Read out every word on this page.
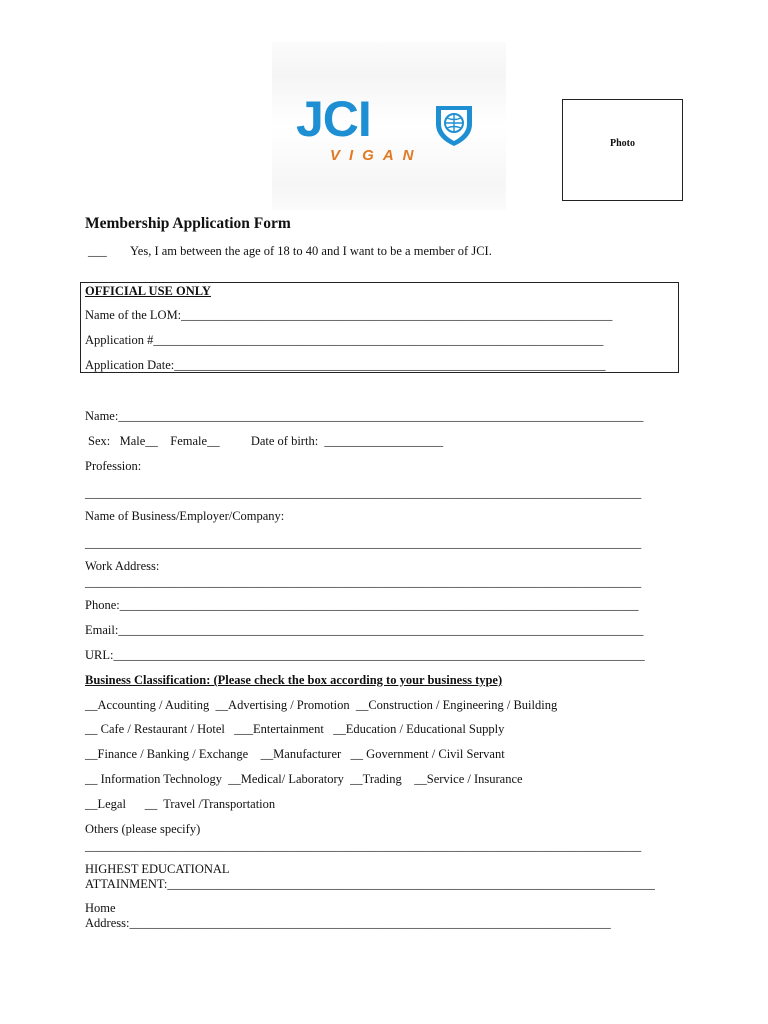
JCI
VIGAN
Photo
Membership Application Form
___ Yes, I am between the age of 18 to 40 and I want to be a member of JCI.
OFFICIAL USE ONLY
Name of the LOM:_____________________________________________________________________
Application #________________________________________________________________________
Application Date:_____________________________________________________________________
Name:____________________________________________________________________________________
Sex:   Male__    Female__          Date of birth:  ___________________
Profession:
_________________________________________________________________________________________
Name of Business/Employer/Company:
_________________________________________________________________________________________
Work Address:
_________________________________________________________________________________________
Phone:___________________________________________________________________________________
Email:____________________________________________________________________________________
URL:_____________________________________________________________________________________
Business Classification: (Please check the box according to your business type)
__Accounting / Auditing  __Advertising / Promotion  __Construction / Engineering / Building
__ Cafe / Restaurant / Hotel   ___Entertainment   __Education / Educational Supply
__Finance / Banking / Exchange    __Manufacturer   __ Government / Civil Servant
__ Information Technology  __Medical/ Laboratory  __Trading    __Service / Insurance
__Legal      __  Travel /Transportation
Others (please specify)
_________________________________________________________________________________________
HIGHEST EDUCATIONAL
ATTAINMENT:______________________________________________________________________________
Home
Address:_____________________________________________________________________________
